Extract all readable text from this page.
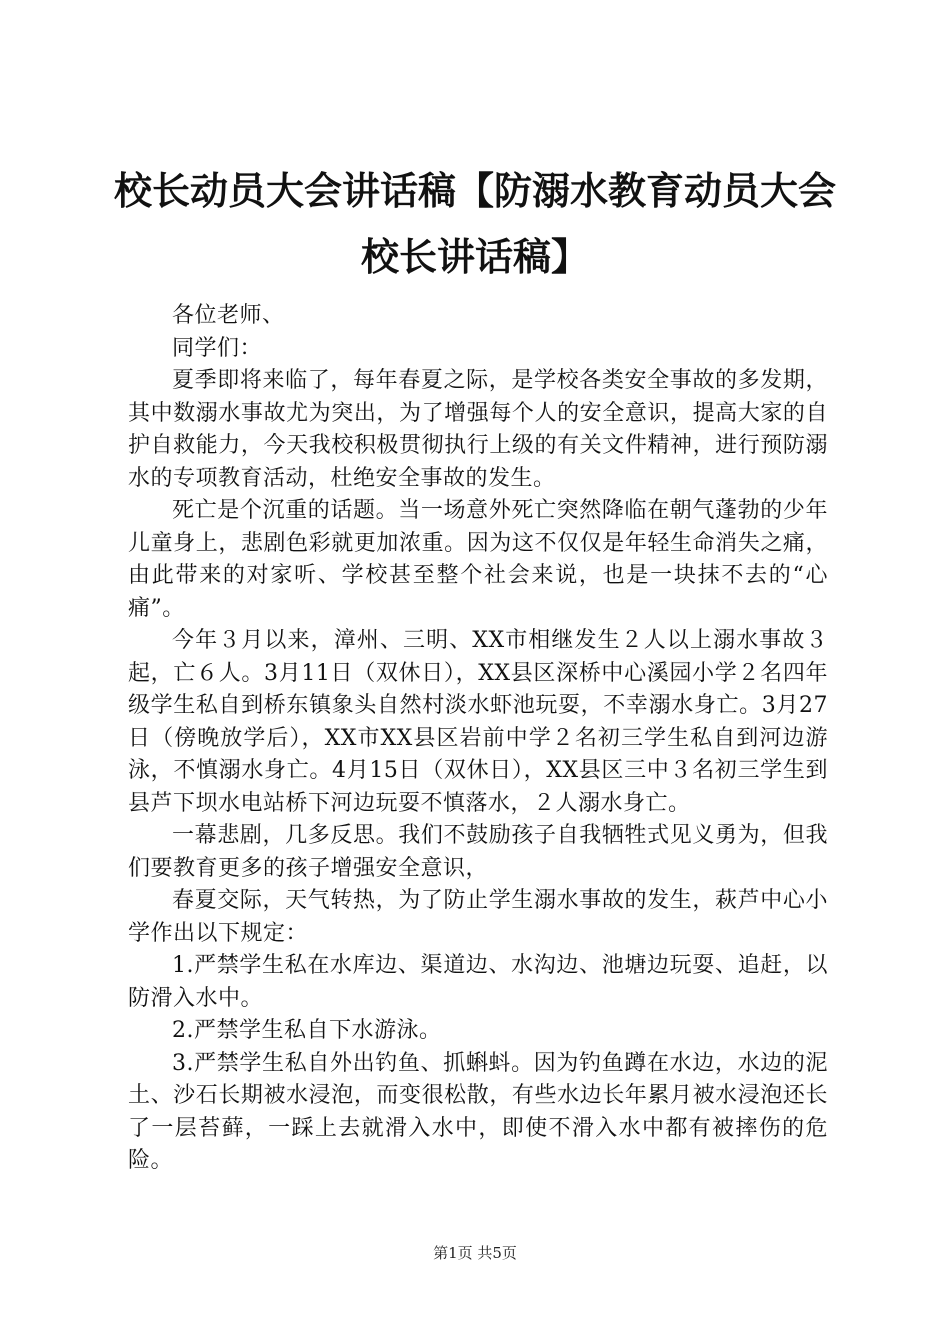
校长动员大会讲话稿【防溺水教育动员大会校长讲话稿】

各位老师、

同学们：

夏季即将来临了，每年春夏之际，是学校各类安全事故的多发期，其中数溺水事故尤为突出，为了增强每个人的安全意识，提高大家的自护自救能力，今天我校积极贯彻执行上级的有关文件精神，进行预防溺水的专项教育活动，杜绝安全事故的发生。

死亡是个沉重的话题。当一场意外死亡突然降临在朝气蓬勃的少年儿童身上，悲剧色彩就更加浓重。因为这不仅仅是年轻生命消失之痛，由此带来的对家听、学校甚至整个社会来说，也是一块抹不去的“心痛”。

今年３月以来，漳州、三明、XX市相继发生２人以上溺水事故３起，亡６人。3月11日（双休日），XX县区深桥中心溪园小学２名四年级学生私自到桥东镇象头自然村淡水虾池玩耍，不幸溺水身亡。3月27日（傍晚放学后），XX市XX县区岩前中学２名初三学生私自到河边游泳，不慎溺水身亡。4月15日（双休日），XX县区三中３名初三学生到县芦下坝水电站桥下河边玩耍不慎落水，２人溺水身亡。

一幕悲剧，几多反思。我们不鼓励孩子自我牺牲式见义勇为，但我们要教育更多的孩子增强安全意识，

春夏交际，天气转热，为了防止学生溺水事故的发生，萩芦中心小学作出以下规定：

1.严禁学生私在水库边、渠道边、水沟边、池塘边玩耍、追赶，以防滑入水中。

2.严禁学生私自下水游泳。

3.严禁学生私自外出钓鱼、抓蝌蚪。因为钓鱼蹲在水边，水边的泥土、沙石长期被水浸泡，而变很松散，有些水边长年累月被水浸泡还长了一层苔藓，一踩上去就滑入水中，即使不滑入水中都有被摔伤的危险。

第1页 共5页
